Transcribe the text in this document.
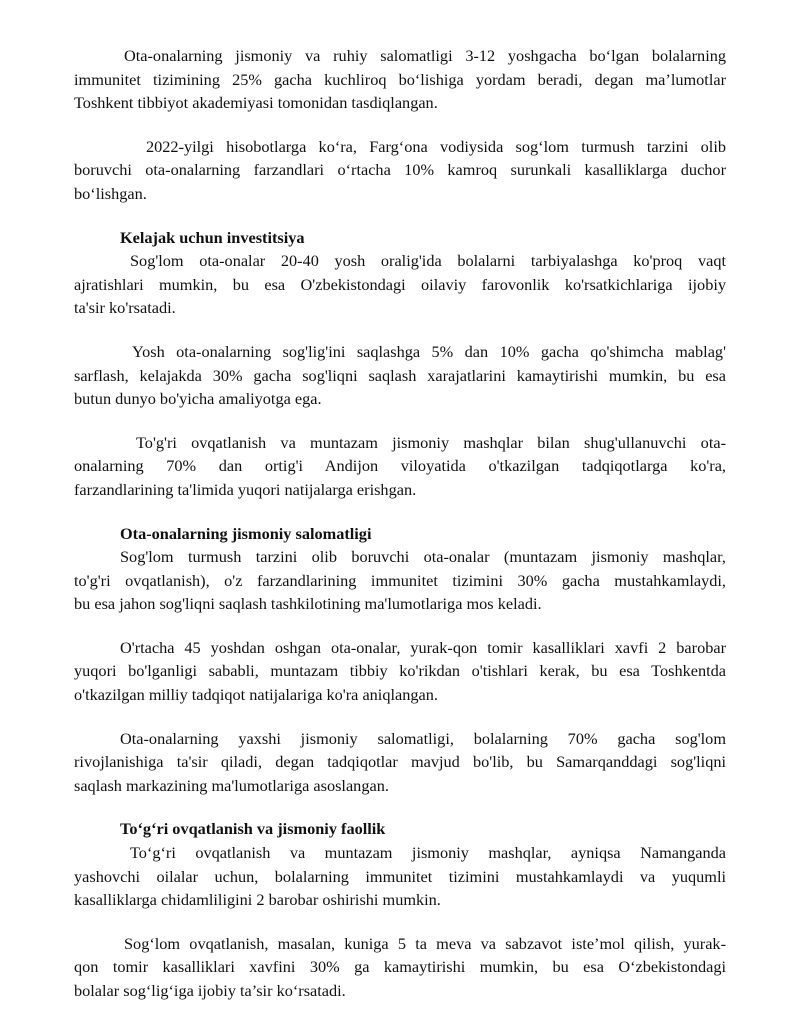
Ota-onalarning jismoniy va ruhiy salomatligi 3-12 yoshgacha bo‘lgan bolalarning
immunitet tizimining 25% gacha kuchliroq bo‘lishiga yordam beradi, degan ma’lumotlar
Toshkent tibbiyot akademiyasi tomonidan tasdiqlangan.
2022-yilgi hisobotlarga ko‘ra, Farg‘ona vodiysida sog‘lom turmush tarzini olib
boruvchi ota-onalarning farzandlari o‘rtacha 10% kamroq surunkali kasalliklarga duchor
bo‘lishgan.
Kelajak uchun investitsiya
Sog'lom ota-onalar 20-40 yosh oralig'ida bolalarni tarbiyalashga ko'proq vaqt
ajratishlari mumkin, bu esa O'zbekistondagi oilaviy farovonlik ko'rsatkichlariga ijobiy
ta'sir ko'rsatadi.
Yosh ota-onalarning sog'lig'ini saqlashga 5% dan 10% gacha qo'shimcha mablag'
sarflash, kelajakda 30% gacha sog'liqni saqlash xarajatlarini kamaytirishi mumkin, bu esa
butun dunyo bo'yicha amaliyotga ega.
To'g'ri ovqatlanish va muntazam jismoniy mashqlar bilan shug'ullanuvchi ota-
onalarning 70% dan ortig'i Andijon viloyatida o'tkazilgan tadqiqotlarga ko'ra,
farzandlarining ta'limida yuqori natijalarga erishgan.
Ota-onalarning jismoniy salomatligi
Sog'lom turmush tarzini olib boruvchi ota-onalar (muntazam jismoniy mashqlar,
to'g'ri ovqatlanish), o'z farzandlarining immunitet tizimini 30% gacha mustahkamlaydi,
bu esa jahon sog'liqni saqlash tashkilotining ma'lumotlariga mos keladi.
O'rtacha 45 yoshdan oshgan ota-onalar, yurak-qon tomir kasalliklari xavfi 2 barobar
yuqori bo'lganligi sababli, muntazam tibbiy ko'rikdan o'tishlari kerak, bu esa Toshkentda
o'tkazilgan milliy tadqiqot natijalariga ko'ra aniqlangan.
Ota-onalarning yaxshi jismoniy salomatligi, bolalarning 70% gacha sog'lom
rivojlanishiga ta'sir qiladi, degan tadqiqotlar mavjud bo'lib, bu Samarqanddagi sog'liqni
saqlash markazining ma'lumotlariga asoslangan.
To‘g‘ri ovqatlanish va jismoniy faollik
To‘g‘ri ovqatlanish va muntazam jismoniy mashqlar, ayniqsa Namanganda
yashovchi oilalar uchun, bolalarning immunitet tizimini mustahkamlaydi va yuqumli
kasalliklarga chidamliligini 2 barobar oshirishi mumkin.
Sog‘lom ovqatlanish, masalan, kuniga 5 ta meva va sabzavot iste’mol qilish, yurak-
qon tomir kasalliklari xavfini 30% ga kamaytirishi mumkin, bu esa O‘zbekistondagi
bolalar sog‘lig‘iga ijobiy ta’sir ko‘rsatadi.
